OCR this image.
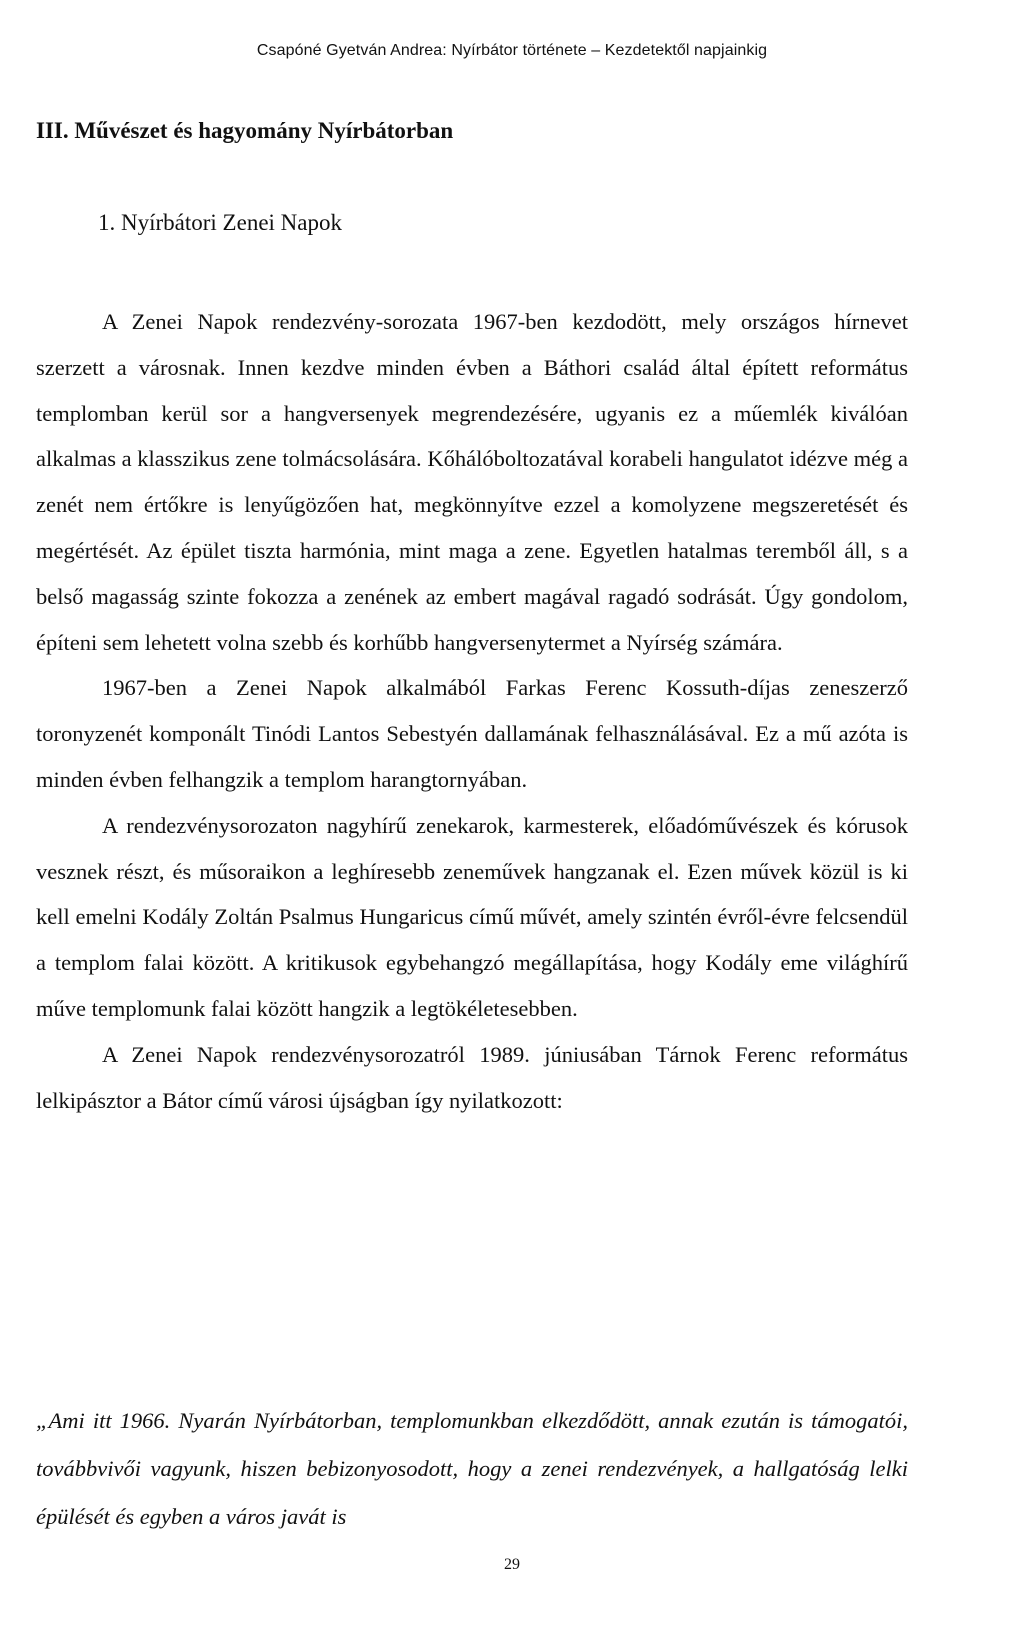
Csapóné Gyetván Andrea: Nyírbátor története – Kezdetektől napjainkig
III. Művészet és hagyomány Nyírbátorban
1. Nyírbátori Zenei Napok

A Zenei Napok rendezvény-sorozata 1967-ben kezdodött, mely országos hírnevet szerzett a városnak. Innen kezdve minden évben a Báthori család által épített református templomban kerül sor a hangversenyek megrendezésére, ugyanis ez a műemlék kiválóan alkalmas a klasszikus zene tolmácsolására. Kőhálóboltozatával korabeli hangulatot idézve még a zenét nem értőkre is lenyűgözően hat, megkönnyítve ezzel a komolyzene megszeretését és megértését. Az épület tiszta harmónia, mint maga a zene. Egyetlen hatalmas teremből áll, s a belső magasság szinte fokozza a zenének az embert magával ragadó sodrását. Úgy gondolom, építeni sem lehetett volna szebb és korhűbb hangversenytermet a Nyírség számára.

1967-ben a Zenei Napok alkalmából Farkas Ferenc Kossuth-díjas zeneszerző toronyzenét komponált Tinódi Lantos Sebestyén dallamának felhasználásával. Ez a mű azóta is minden évben felhangzik a templom harangtornyában.

A rendezvénysorozaton nagyhírű zenekarok, karmesterek, előadóművészek és kórusok vesznek részt, és műsoraikon a leghíresebb zeneművek hangzanak el. Ezen művek közül is ki kell emelni Kodály Zoltán Psalmus Hungaricus című művét, amely szintén évről-évre felcsendül a templom falai között. A kritikusok egybehangzó megállapítása, hogy Kodály eme világhírű műve templomunk falai között hangzik a legtökéletesebben.

A Zenei Napok rendezvénysorozatról 1989. júniusában Tárnok Ferenc református lelkipásztor a Bátor című városi újságban így nyilatkozott:

„Ami itt 1966. Nyarán Nyírbátorban, templomunkban elkezdődött, annak ezután is támogatói, továbbvivői vagyunk, hiszen bebizonyosodott, hogy a zenei rendezvények, a hallgatóság lelki épülését és egyben a város javát is

29
